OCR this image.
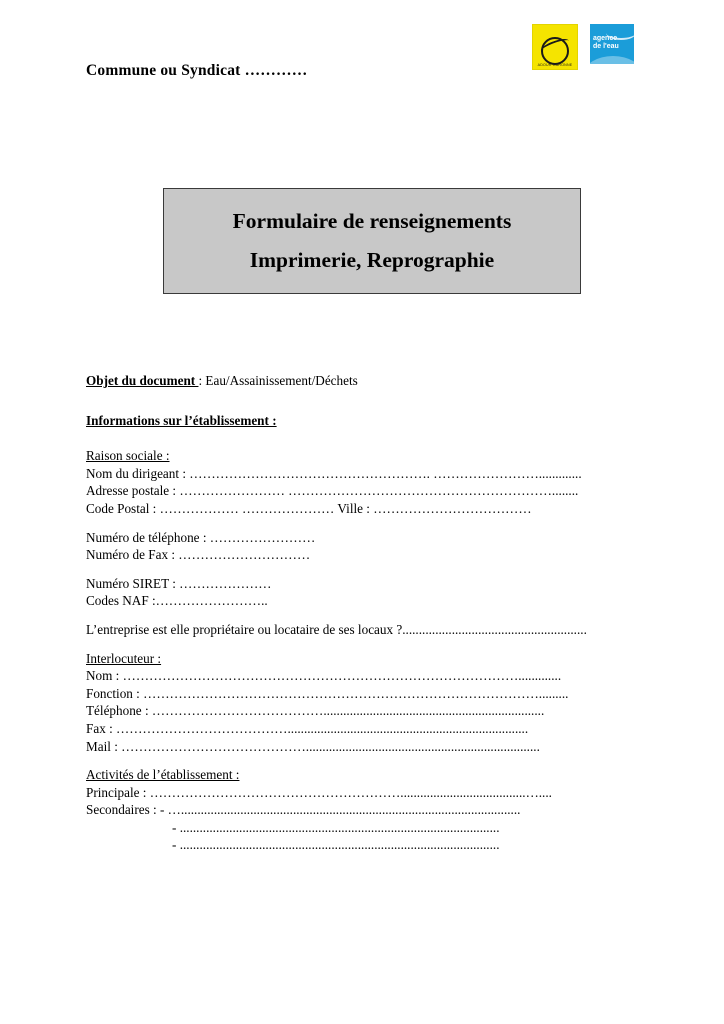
Commune ou Syndicat …………	ADOUR GARONNE
agence
de l'eau
Formulaire de renseignements
Imprimerie, Reprographie
Objet du document : Eau/Assainissement/Déchets
Informations sur l’établissement :
Raison sociale :
Nom du dirigeant : ………………………………………………. …………………….............
Adresse postale : …………………… ……………………………………………………........
Code Postal : ……………… ………………… Ville : ………………………………
Numéro de téléphone : ……………………
Numéro de Fax : …………………………
Numéro SIRET : …………………
Codes NAF :……………………..
L’entreprise est elle propriétaire ou locataire de ses locaux ?........................................................
Interlocuteur :
Nom : ……………………………………………………………………………….............
Fonction : ……………………………………………………………………………….........
Téléphone : …………………………………...................................................................
Fax : ………………………………….........................................................................
Mail : …………………………………….......................................................................
Activités de l’établissement :
Principale : …………………………………………………......................................…....
Secondaires : - ….......................................................................................................
- .................................................................................................
- .................................................................................................
